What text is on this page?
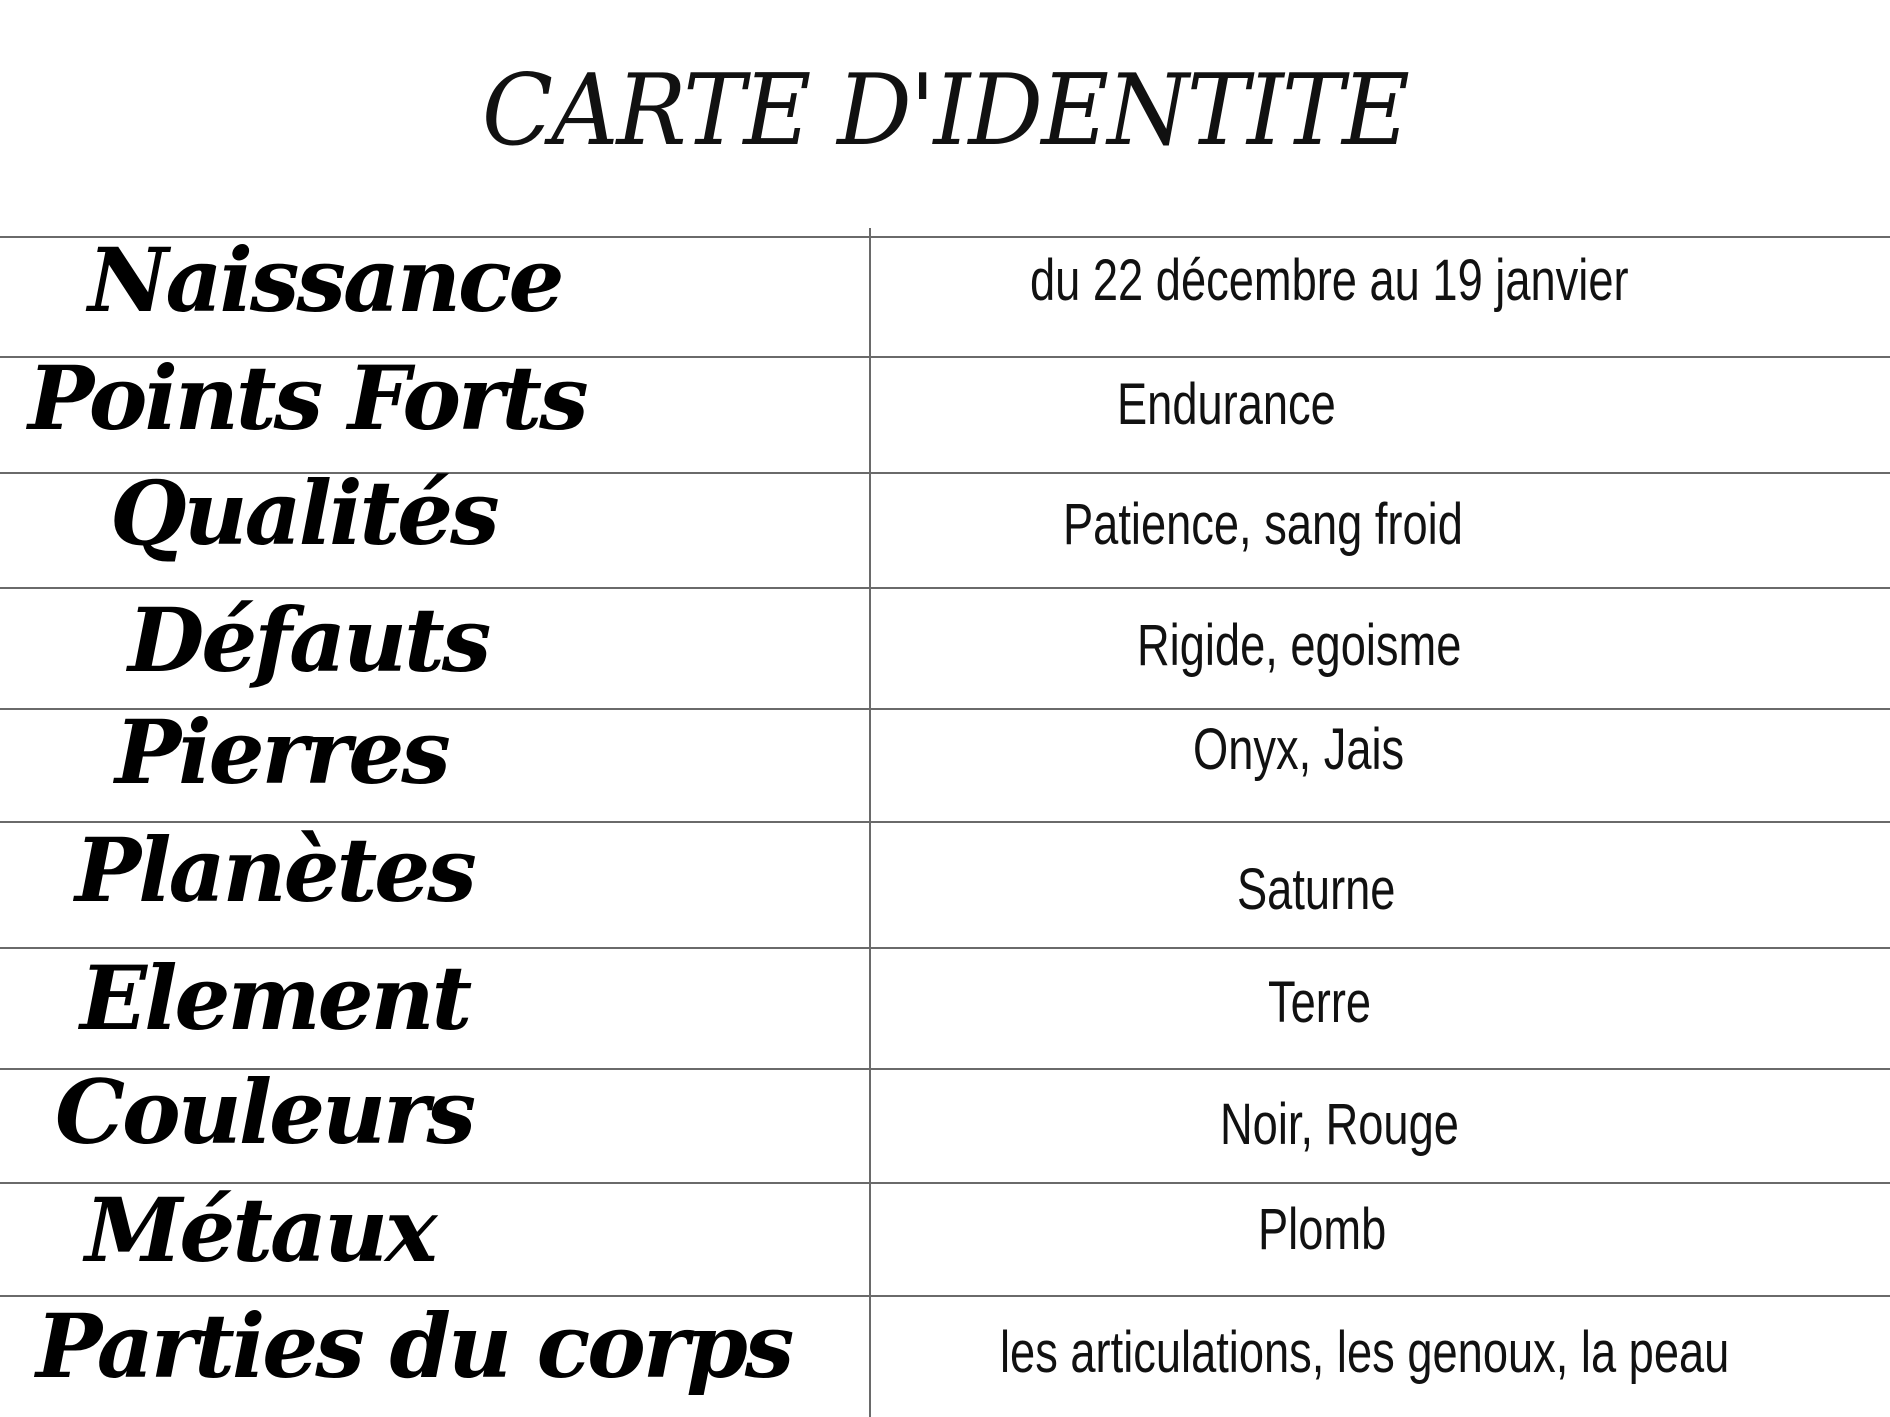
CARTE D'IDENTITE
Naissance	du 22 décembre au 19 janvier
Points Forts	Endurance
Qualités	Patience, sang froid
Défauts	Rigide, egoisme
Pierres	Onyx, Jais
Planètes	Saturne
Element	Terre
Couleurs	Noir, Rouge
Métaux	Plomb
Parties du corps	les articulations, les genoux, la peau
